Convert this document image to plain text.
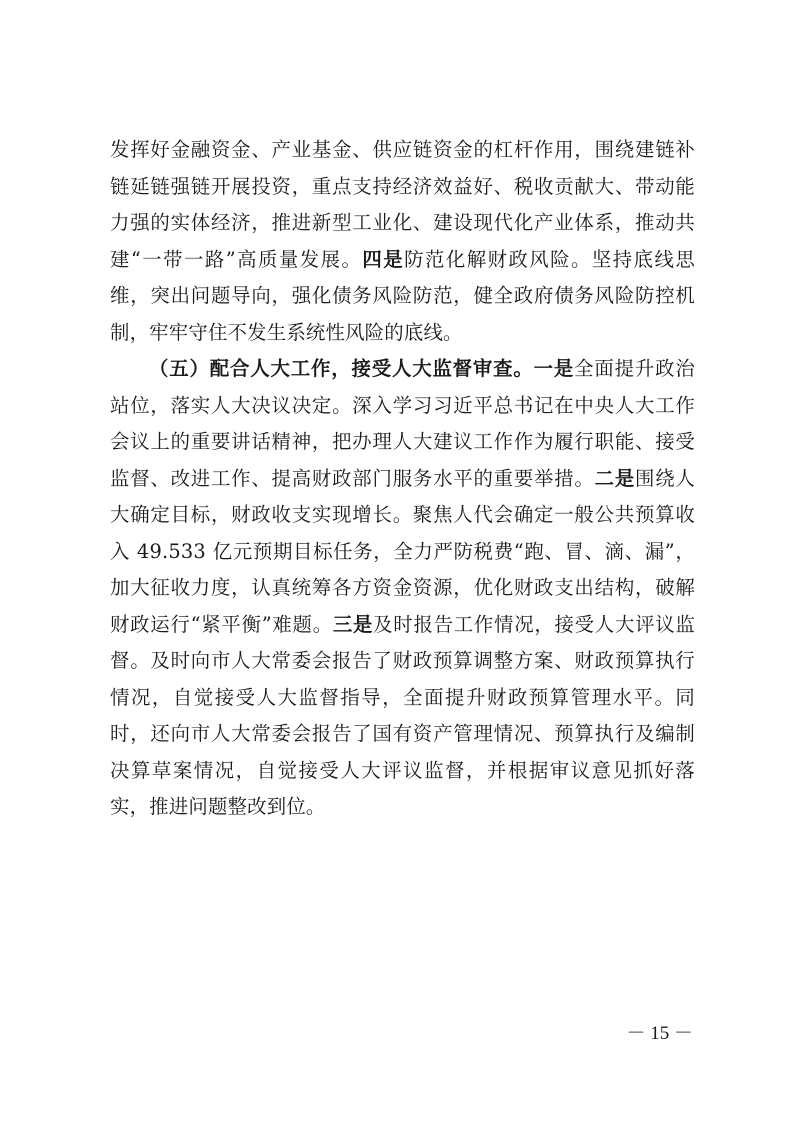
发挥好金融资金、产业基金、供应链资金的杠杆作用，围绕建链补链延链强链开展投资，重点支持经济效益好、税收贡献大、带动能力强的实体经济，推进新型工业化、建设现代化产业体系，推动共建“一带一路”高质量发展。四是防范化解财政风险。坚持底线思维，突出问题导向，强化债务风险防范，健全政府债务风险防控机制，牢牢守住不发生系统性风险的底线。

（五）配合人大工作，接受人大监督审查。一是全面提升政治站位，落实人大决议决定。深入学习习近平总书记在中央人大工作会议上的重要讲话精神，把办理人大建议工作作为履行职能、接受监督、改进工作、提高财政部门服务水平的重要举措。二是围绕人大确定目标，财政收支实现增长。聚焦人代会确定一般公共预算收入 49.533 亿元预期目标任务，全力严防税费“跑、冒、滴、漏”，加大征收力度，认真统筹各方资金资源，优化财政支出结构，破解财政运行“紧平衡”难题。三是及时报告工作情况，接受人大评议监督。及时向市人大常委会报告了财政预算调整方案、财政预算执行情况，自觉接受人大监督指导，全面提升财政预算管理水平。同时，还向市人大常委会报告了国有资产管理情况、预算执行及编制决算草案情况，自觉接受人大评议监督，并根据审议意见抓好落实，推进问题整改到位。

－ 15 －
